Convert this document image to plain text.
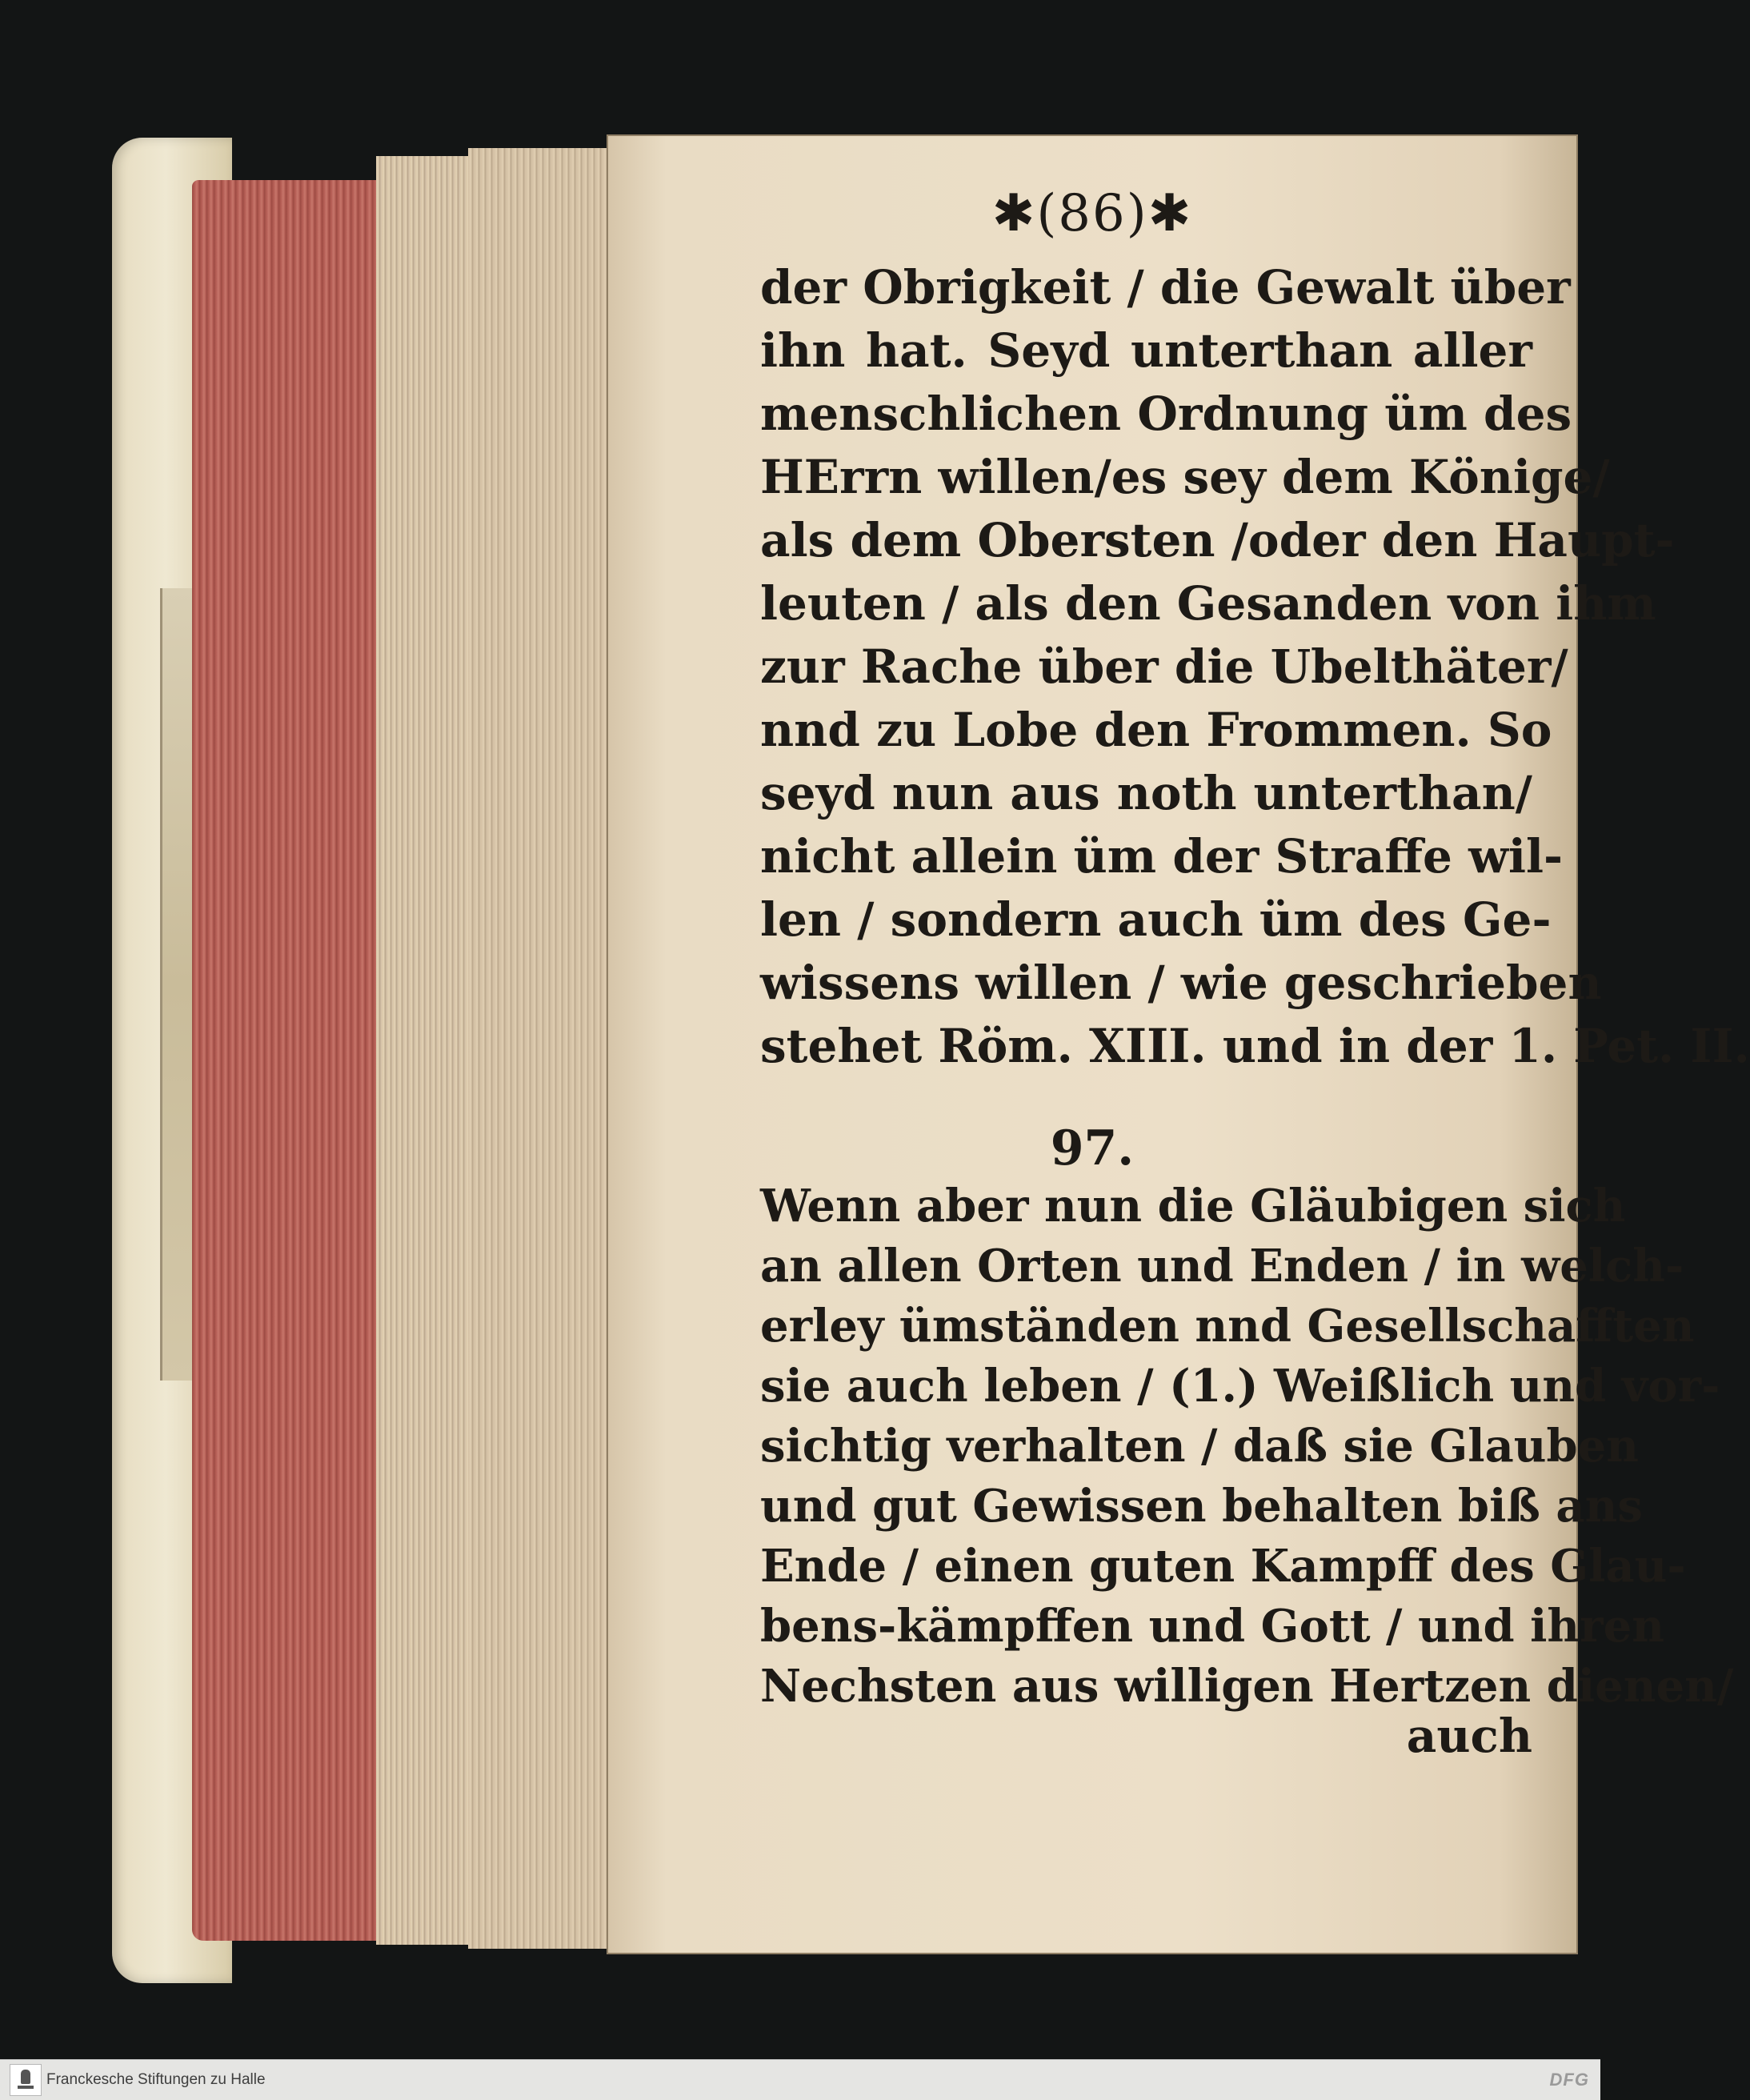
✱(86)✱
der Obrigkeit / die Gewalt über
ihn hat. Seyd unterthan aller
menschlichen Ordnung üm des
HErrn willen/es sey dem Könige/
als dem Obersten /oder den Haupt-
leuten / als den Gesanden von ihm
zur Rache über die Ubelthäter/
nnd zu Lobe den Frommen. So
seyd nun aus noth unterthan/
nicht allein üm der Straffe wil-
len / sondern auch üm des Ge-
wissens willen / wie geschrieben
stehet Röm. XIII. und in der 1. Pet. II.
97.
Wenn aber nun die Gläubigen sich
an allen Orten und Enden / in welch-
erley ümständen nnd Gesellschafften
sie auch leben / (1.) Weißlich und vor-
sichtig verhalten / daß sie Glauben
und gut Gewissen behalten biß ans
Ende / einen guten Kampff des Glau-
bens-kämpffen und Gott / und ihren
Nechsten aus willigen Hertzen dienen/
auch
Franckesche Stiftungen zu Halle	DFG
